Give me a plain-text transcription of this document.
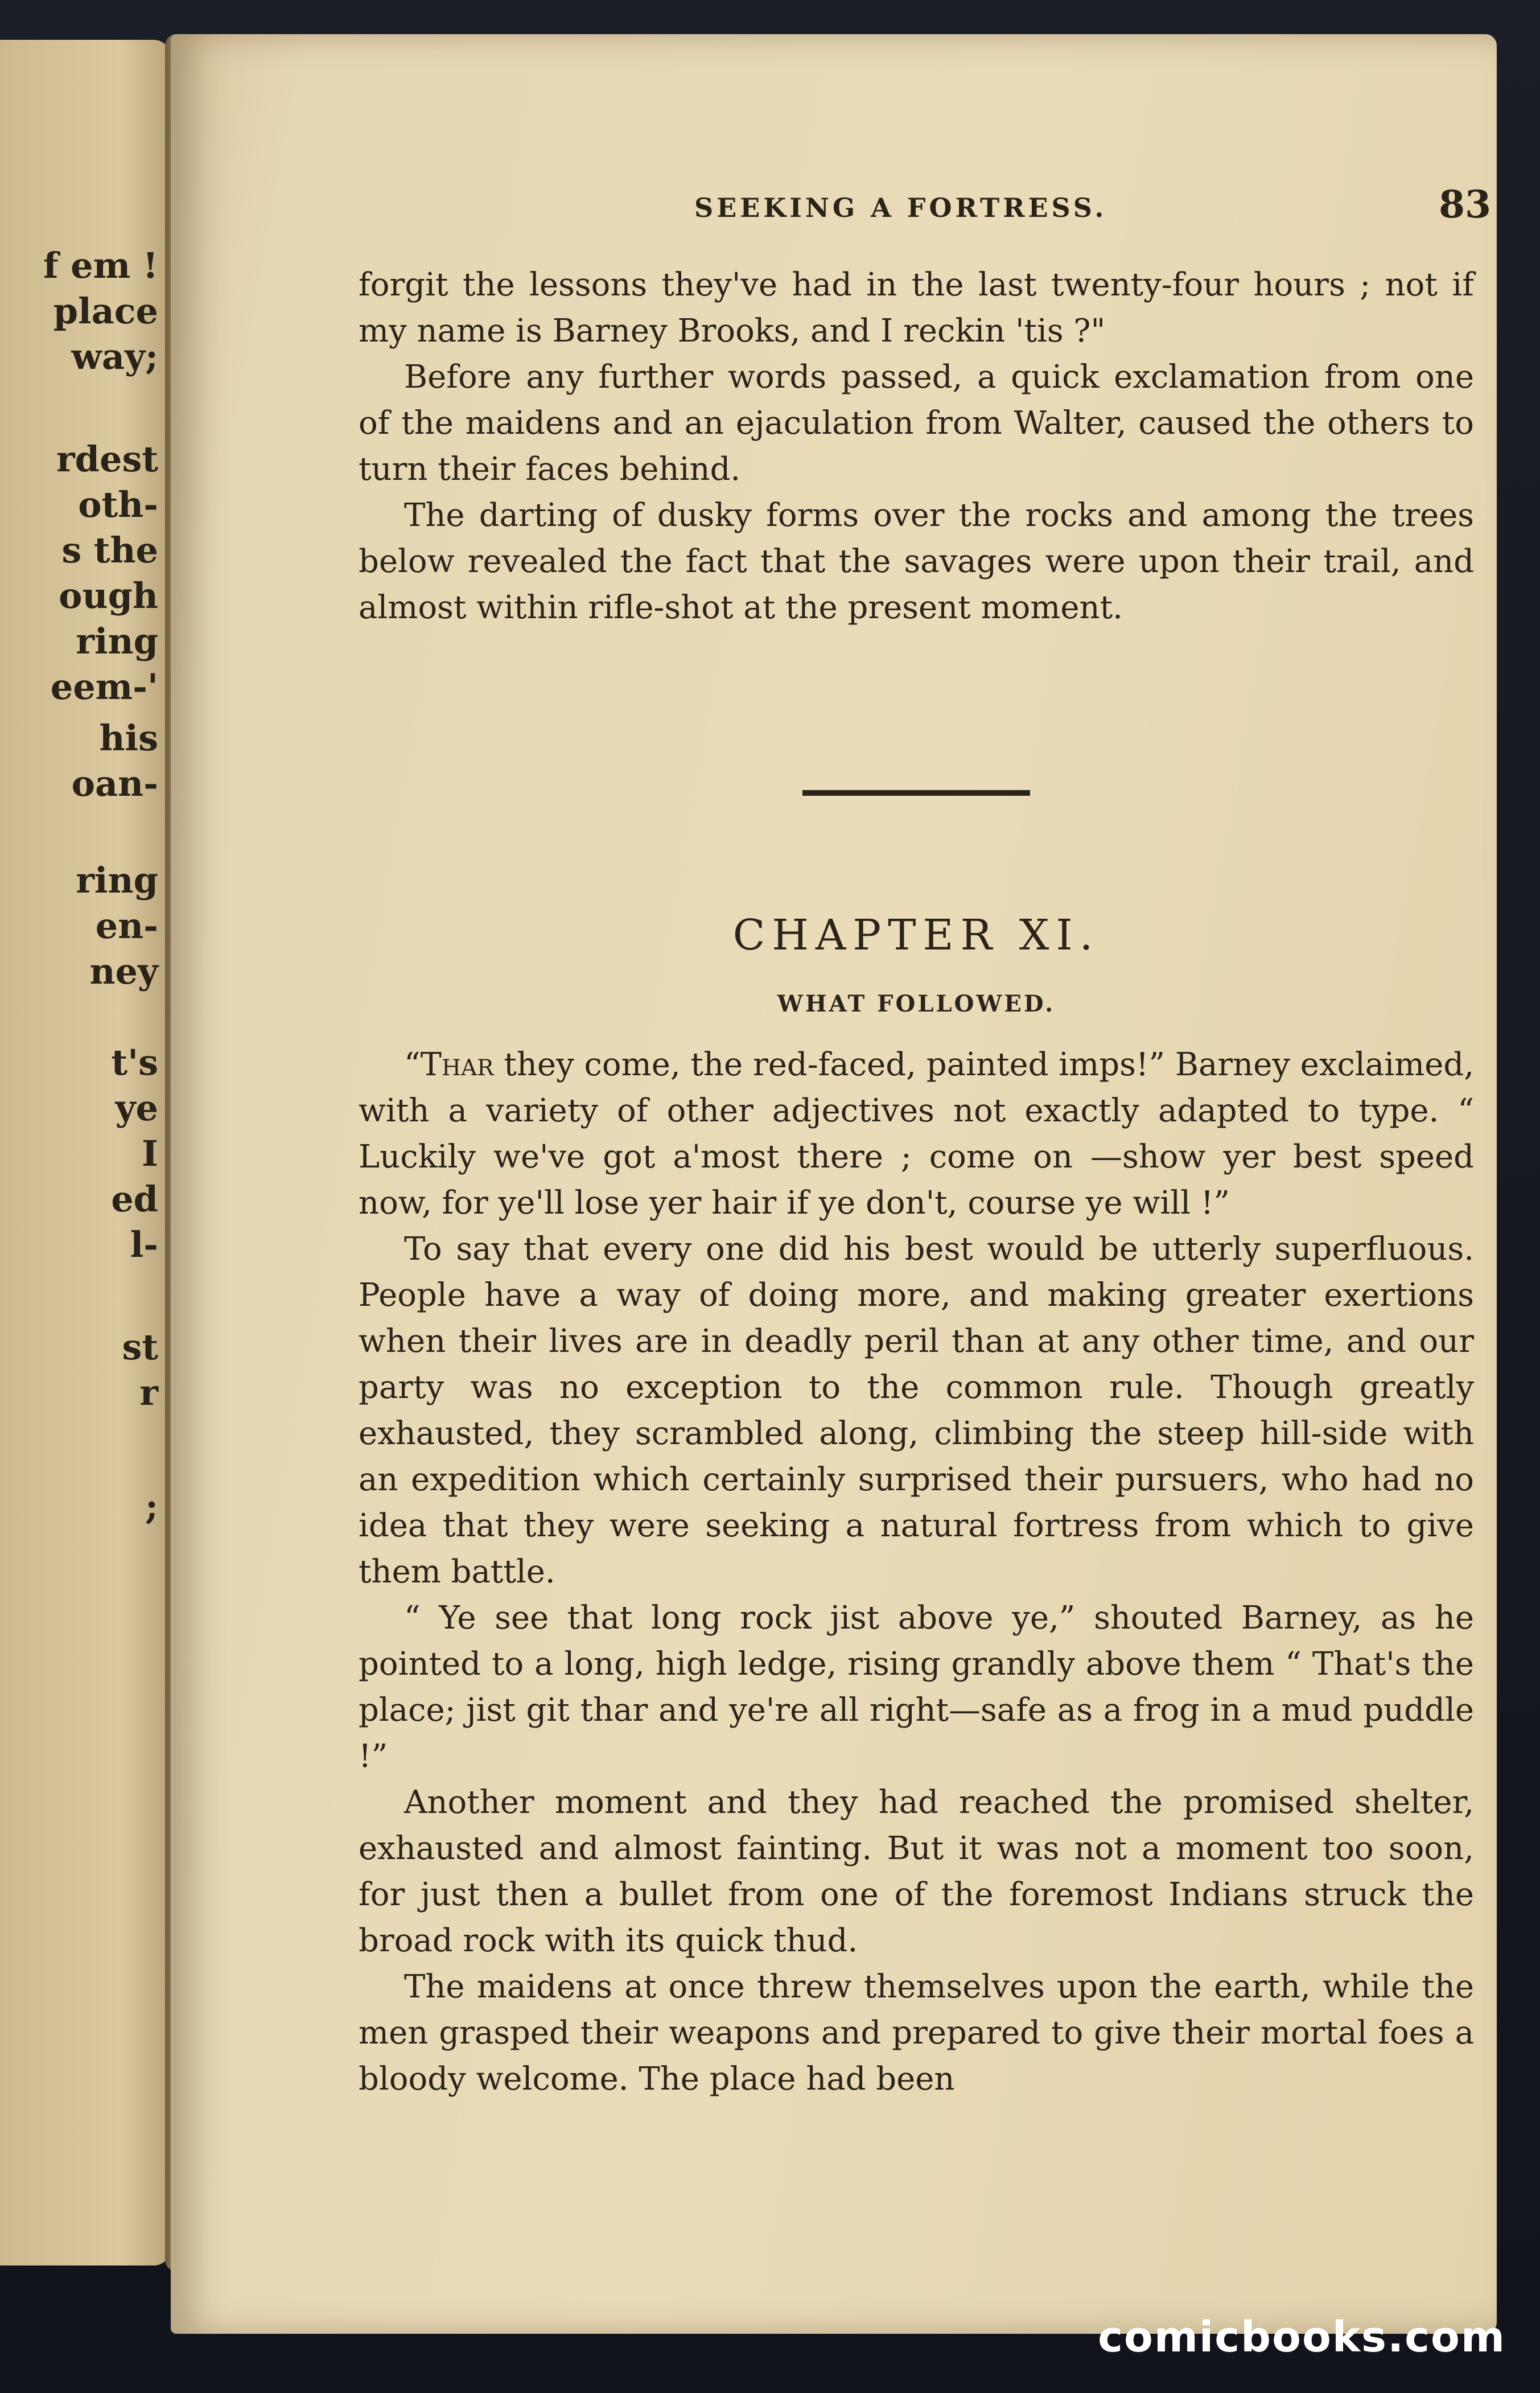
f em !
place
way;
rdest
oth-
s the
ough
ring
eem-'
his
oan-
ring
en-
ney
t's
ye
I
ed
l-
st
r
;
SEEKING A FORTRESS.	83

forgit the lessons they've had in the last twenty-four hours ; not if my name is Barney Brooks, and I reckin 'tis ?"

Before any further words passed, a quick exclamation from one of the maidens and an ejaculation from Walter, caused the others to turn their faces behind.

The darting of dusky forms over the rocks and among the trees below revealed the fact that the savages were upon their trail, and almost within rifle-shot at the present moment.

CHAPTER XI.
WHAT FOLLOWED.

“Thar they come, the red-faced, painted imps!” Barney exclaimed, with a variety of other adjectives not exactly adapted to type. “ Luckily we've got a'most there ; come on —show yer best speed now, for ye'll lose yer hair if ye don't, course ye will !”

To say that every one did his best would be utterly superfluous. People have a way of doing more, and making greater exertions when their lives are in deadly peril than at any other time, and our party was no exception to the common rule. Though greatly exhausted, they scrambled along, climbing the steep hill-side with an expedition which certainly surprised their pursuers, who had no idea that they were seeking a natural fortress from which to give them battle.

“ Ye see that long rock jist above ye,” shouted Barney, as he pointed to a long, high ledge, rising grandly above them “ That's the place; jist git thar and ye're all right—safe as a frog in a mud puddle !”

Another moment and they had reached the promised shelter, exhausted and almost fainting. But it was not a moment too soon, for just then a bullet from one of the foremost Indians struck the broad rock with its quick thud.

The maidens at once threw themselves upon the earth, while the men grasped their weapons and prepared to give their mortal foes a bloody welcome. The place had been

comicbooks.com
